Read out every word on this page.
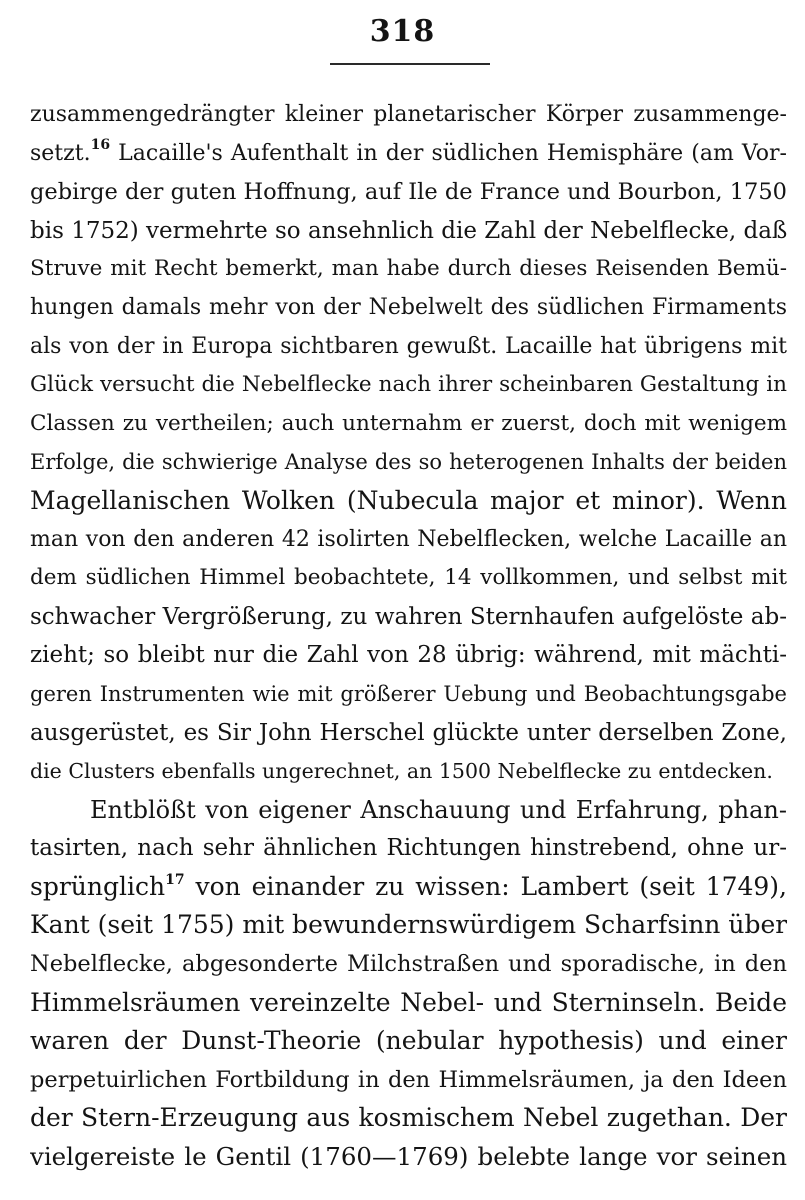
318
zusammengedrängter kleiner planetarischer Körper zusammenge-
setzt.$^{16}$ Lacaille's Aufenthalt in der südlichen Hemisphäre (am Vor-
gebirge der guten Hoffnung, auf Ile de France und Bourbon, 1750
bis 1752) vermehrte so ansehnlich die Zahl der Nebelflecke, daß
Struve mit Recht bemerkt, man habe durch dieses Reisenden Bemü-
hungen damals mehr von der Nebelwelt des südlichen Firmaments
als von der in Europa sichtbaren gewußt. Lacaille hat übrigens mit
Glück versucht die Nebelflecke nach ihrer scheinbaren Gestaltung in
Classen zu vertheilen; auch unternahm er zuerst, doch mit wenigem
Erfolge, die schwierige Analyse des so heterogenen Inhalts der beiden
Magellanischen Wolken (Nubecula major et minor). Wenn
man von den anderen 42 isolirten Nebelflecken, welche Lacaille an
dem südlichen Himmel beobachtete, 14 vollkommen, und selbst mit
schwacher Vergrößerung, zu wahren Sternhaufen aufgelöste ab-
zieht; so bleibt nur die Zahl von 28 übrig: während, mit mächti-
geren Instrumenten wie mit größerer Uebung und Beobachtungsgabe
ausgerüstet, es Sir John Herschel glückte unter derselben Zone,
die Clusters ebenfalls ungerechnet, an 1500 Nebelflecke zu entdecken.
Entblößt von eigener Anschauung und Erfahrung, phan-
tasirten, nach sehr ähnlichen Richtungen hinstrebend, ohne ur-
sprünglich$^{17}$ von einander zu wissen: Lambert (seit 1749),
Kant (seit 1755) mit bewundernswürdigem Scharfsinn über
Nebelflecke, abgesonderte Milchstraßen und sporadische, in den
Himmelsräumen vereinzelte Nebel- und Sterninseln. Beide
waren der Dunst-Theorie (nebular hypothesis) und einer
perpetuirlichen Fortbildung in den Himmelsräumen, ja den Ideen
der Stern-Erzeugung aus kosmischem Nebel zugethan. Der
vielgereiste le Gentil (1760—1769) belebte lange vor seinen
